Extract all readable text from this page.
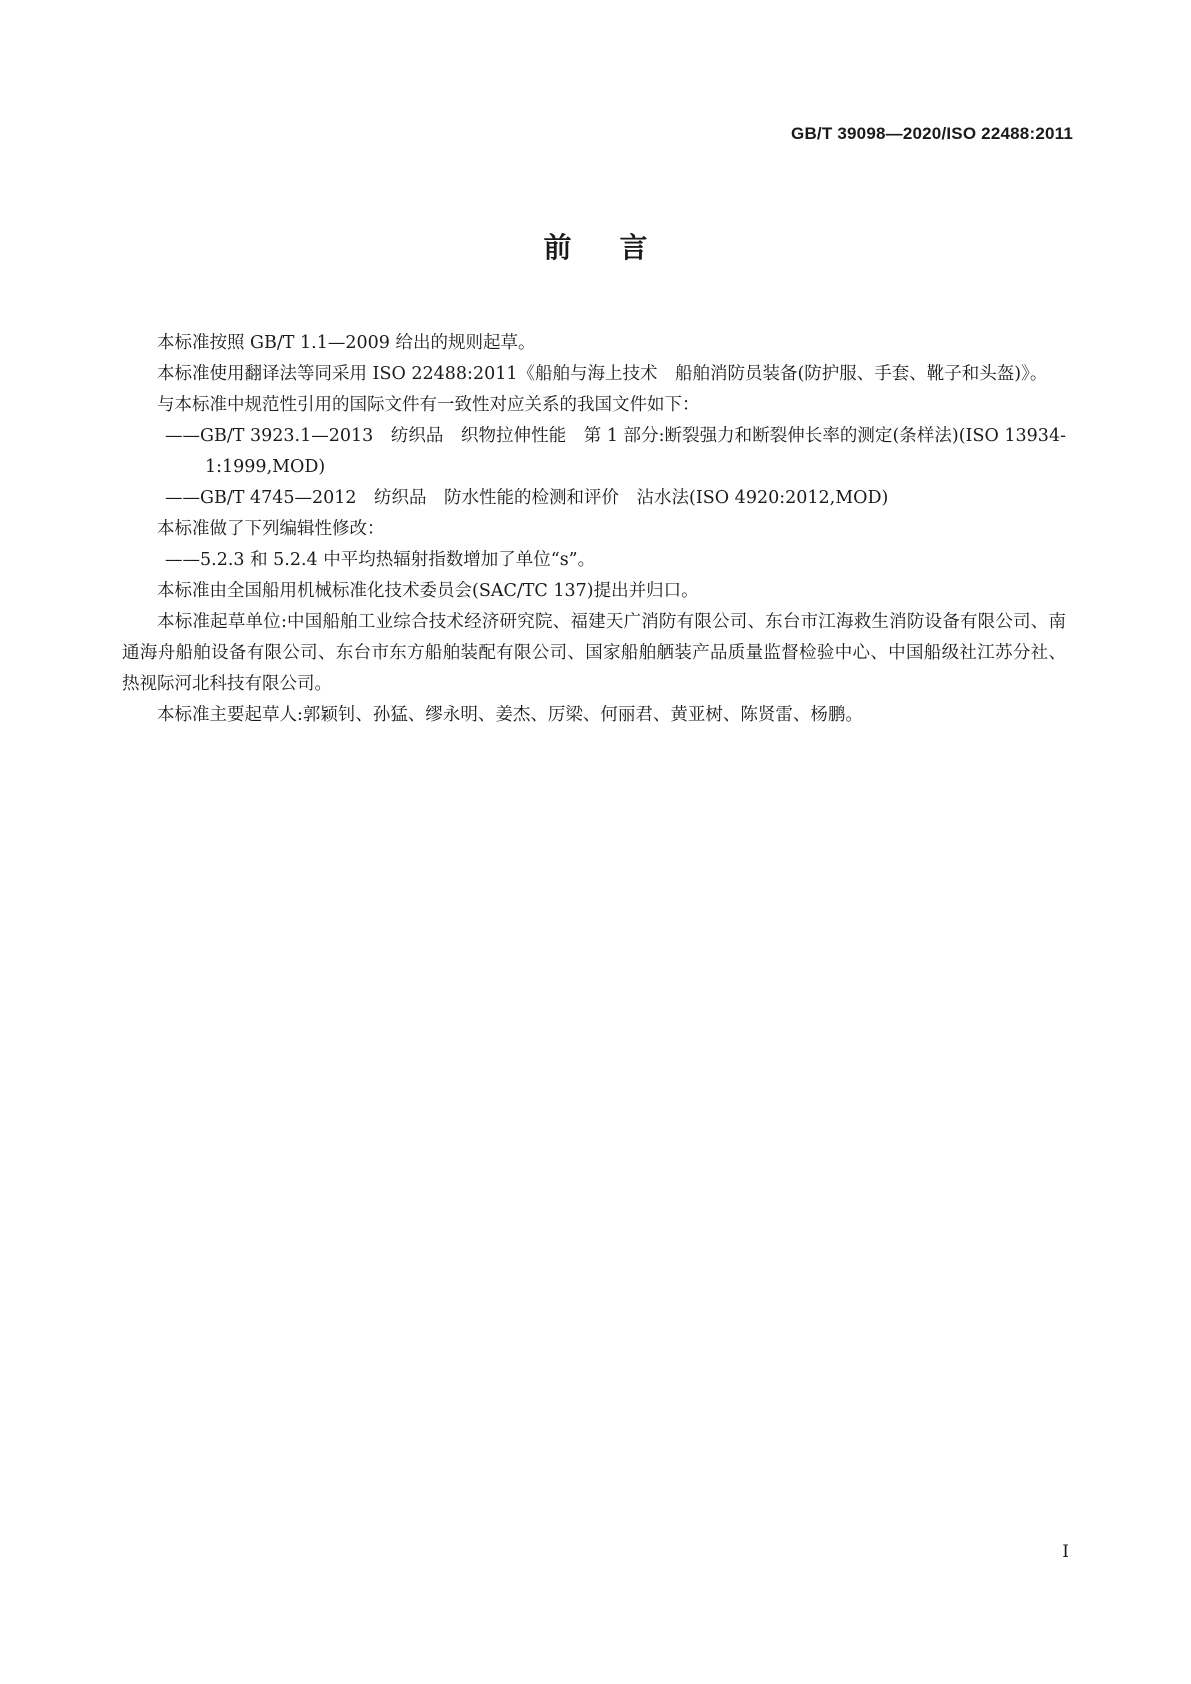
GB/T 39098—2020/ISO 22488:2011
前言

本标准按照 GB/T 1.1—2009 给出的规则起草。

本标准使用翻译法等同采用 ISO 22488:2011《船舶与海上技术　船舶消防员装备(防护服、手套、靴子和头盔)》。

与本标准中规范性引用的国际文件有一致性对应关系的我国文件如下：

——GB/T 3923.1—2013　纺织品　织物拉伸性能　第 1 部分:断裂强力和断裂伸长率的测定(条样法)(ISO 13934-1:1999,MOD)

——GB/T 4745—2012　纺织品　防水性能的检测和评价　沾水法(ISO 4920:2012,MOD)

本标准做了下列编辑性修改：

——5.2.3 和 5.2.4 中平均热辐射指数增加了单位“s”。

本标准由全国船用机械标准化技术委员会(SAC/TC 137)提出并归口。

本标准起草单位:中国船舶工业综合技术经济研究院、福建天广消防有限公司、东台市江海救生消防设备有限公司、南通海舟船舶设备有限公司、东台市东方船舶装配有限公司、国家船舶舾装产品质量监督检验中心、中国船级社江苏分社、热视际河北科技有限公司。

本标准主要起草人:郭颖钊、孙猛、缪永明、姜杰、厉梁、何丽君、黄亚树、陈贤雷、杨鹏。

I
